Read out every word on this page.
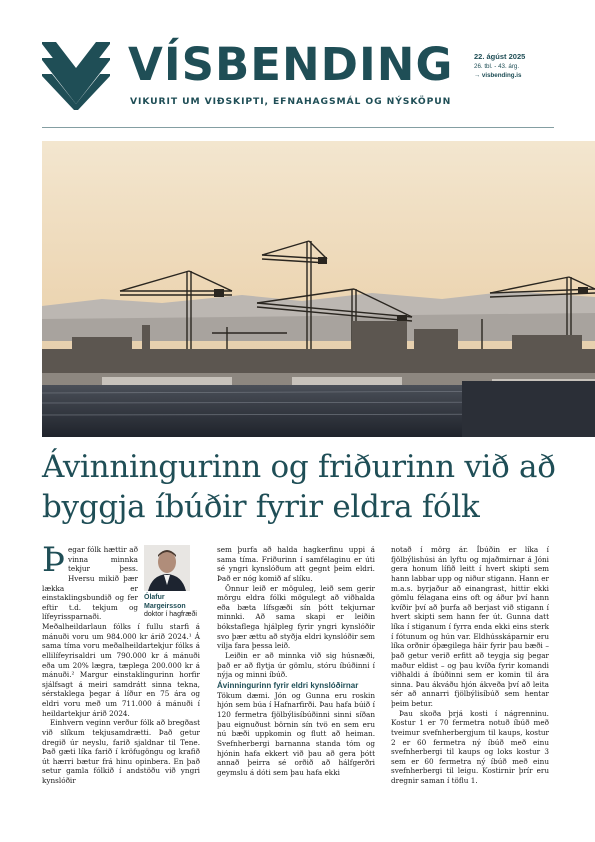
VÍSBENDING
VIKURIT UM VIÐSKIPTI, EFNAHAGSMÁL OG NÝSKÖPUN
22. ágúst 2025
26. tbl. - 43. árg.
→ visbending.is
Ávinningurinn og friðurinn við að byggja íbúðir fyrir eldra fólk
Ólafur Margeirsson
doktor í hagfræði
Þ egar fólk hættir að vinna minnka tekjur þess. Hversu mikið þær lækka er einstaklingsbundið og fer eftir t.d. tekjum og lífeyrissparnaði. Meðalheildarlaun fólks í fullu starfi á mánuði voru um 984.000 kr árið 2024.¹ Á sama tíma voru meðalheildartekjur fólks á ellilífeyrisaldri um 790.000 kr á mánuði eða um 20% lægra, tæplega 200.000 kr á mánuði.² Margur einstaklingurinn horfir sjálfsagt á meiri samdrátt sinna tekna, sérstaklega þegar á líður en 75 ára og eldri voru með um 711.000 á mánuði í heildartekjur árið 2024.

Einhvern veginn verður fólk að bregðast við slíkum tekjusamdrætti. Það getur dregið úr neyslu, farið sjaldnar til Tene. Það gæti líka farið í kröfugöngu og krafið út hærri bætur frá hinu opinbera. En það setur gamla fólkið í andstöðu við yngri kynslóðir

sem þurfa að halda hagkerfinu uppi á sama tíma. Friðurinn í samfélaginu er úti sé yngri kynslóðum att gegnt þeim eldri. Það er nóg komið af slíku.

Önnur leið er möguleg, leið sem gerir mörgu eldra fólki mögulegt að viðhalda eða bæta lífsgæði sín þótt tekjurnar minnki. Að sama skapi er leiðin bókstaflega hjálpleg fyrir yngri kynslóðir svo þær ættu að styðja eldri kynslóðir sem vilja fara þessa leið.

Leiðin er að minnka við sig húsnæði, það er að flytja úr gömlu, stóru íbúðinni í nýja og minni íbúð.

Ávinningurinn fyrir eldri kynslóðirnar

Tökum dæmi. Jón og Gunna eru roskin hjón sem búa í Hafnarfirði. Þau hafa búið í 120 fermetra fjölbýlisíbúðinni sinni síðan þau eignuðust börnin sín tvö en sem eru nú bæði uppkomin og flutt að heiman. Svefnherbergi barnanna standa tóm og hjónin hafa ekkert við þau að gera þótt annað þeirra sé orðið að hálfgerðri geymslu á dóti sem þau hafa ekki

notað í mörg ár. Íbúðin er líka í fjölbýlishúsi án lyftu og mjaðmirnar á Jóni gera honum lífið leitt í hvert skipti sem hann labbar upp og niður stigann. Hann er m.a.s. byrjaður að einangrast, hittir ekki gömlu félagana eins oft og áður því hann kvíðir því að þurfa að berjast við stigann í hvert skipti sem hann fer út. Gunna datt líka í stiganum í fyrra enda ekki eins sterk í fótunum og hún var. Eldhússkáparnir eru líka orðnir óþægilega háir fyrir þau bæði – það getur verið erfitt að teygja sig þegar maður eldist – og þau kvíða fyrir komandi viðhaldi á íbúðinni sem er komin til ára sinna. Þau ákváðu hjón ákveða því að leita sér að annarri fjölbýlisíbúð sem hentar þeim betur.

Þau skoða þrjá kosti í nágrenninu. Kostur 1 er 70 fermetra notuð íbúð með tveimur svefnherbergjum til kaups, kostur 2 er 60 fermetra ný íbúð með einu svefnherbergi til kaups og loks kostur 3 sem er 60 fermetra ný íbúð með einu svefnherbergi til leigu. Kostirnir þrír eru dregnir saman í töflu 1.
